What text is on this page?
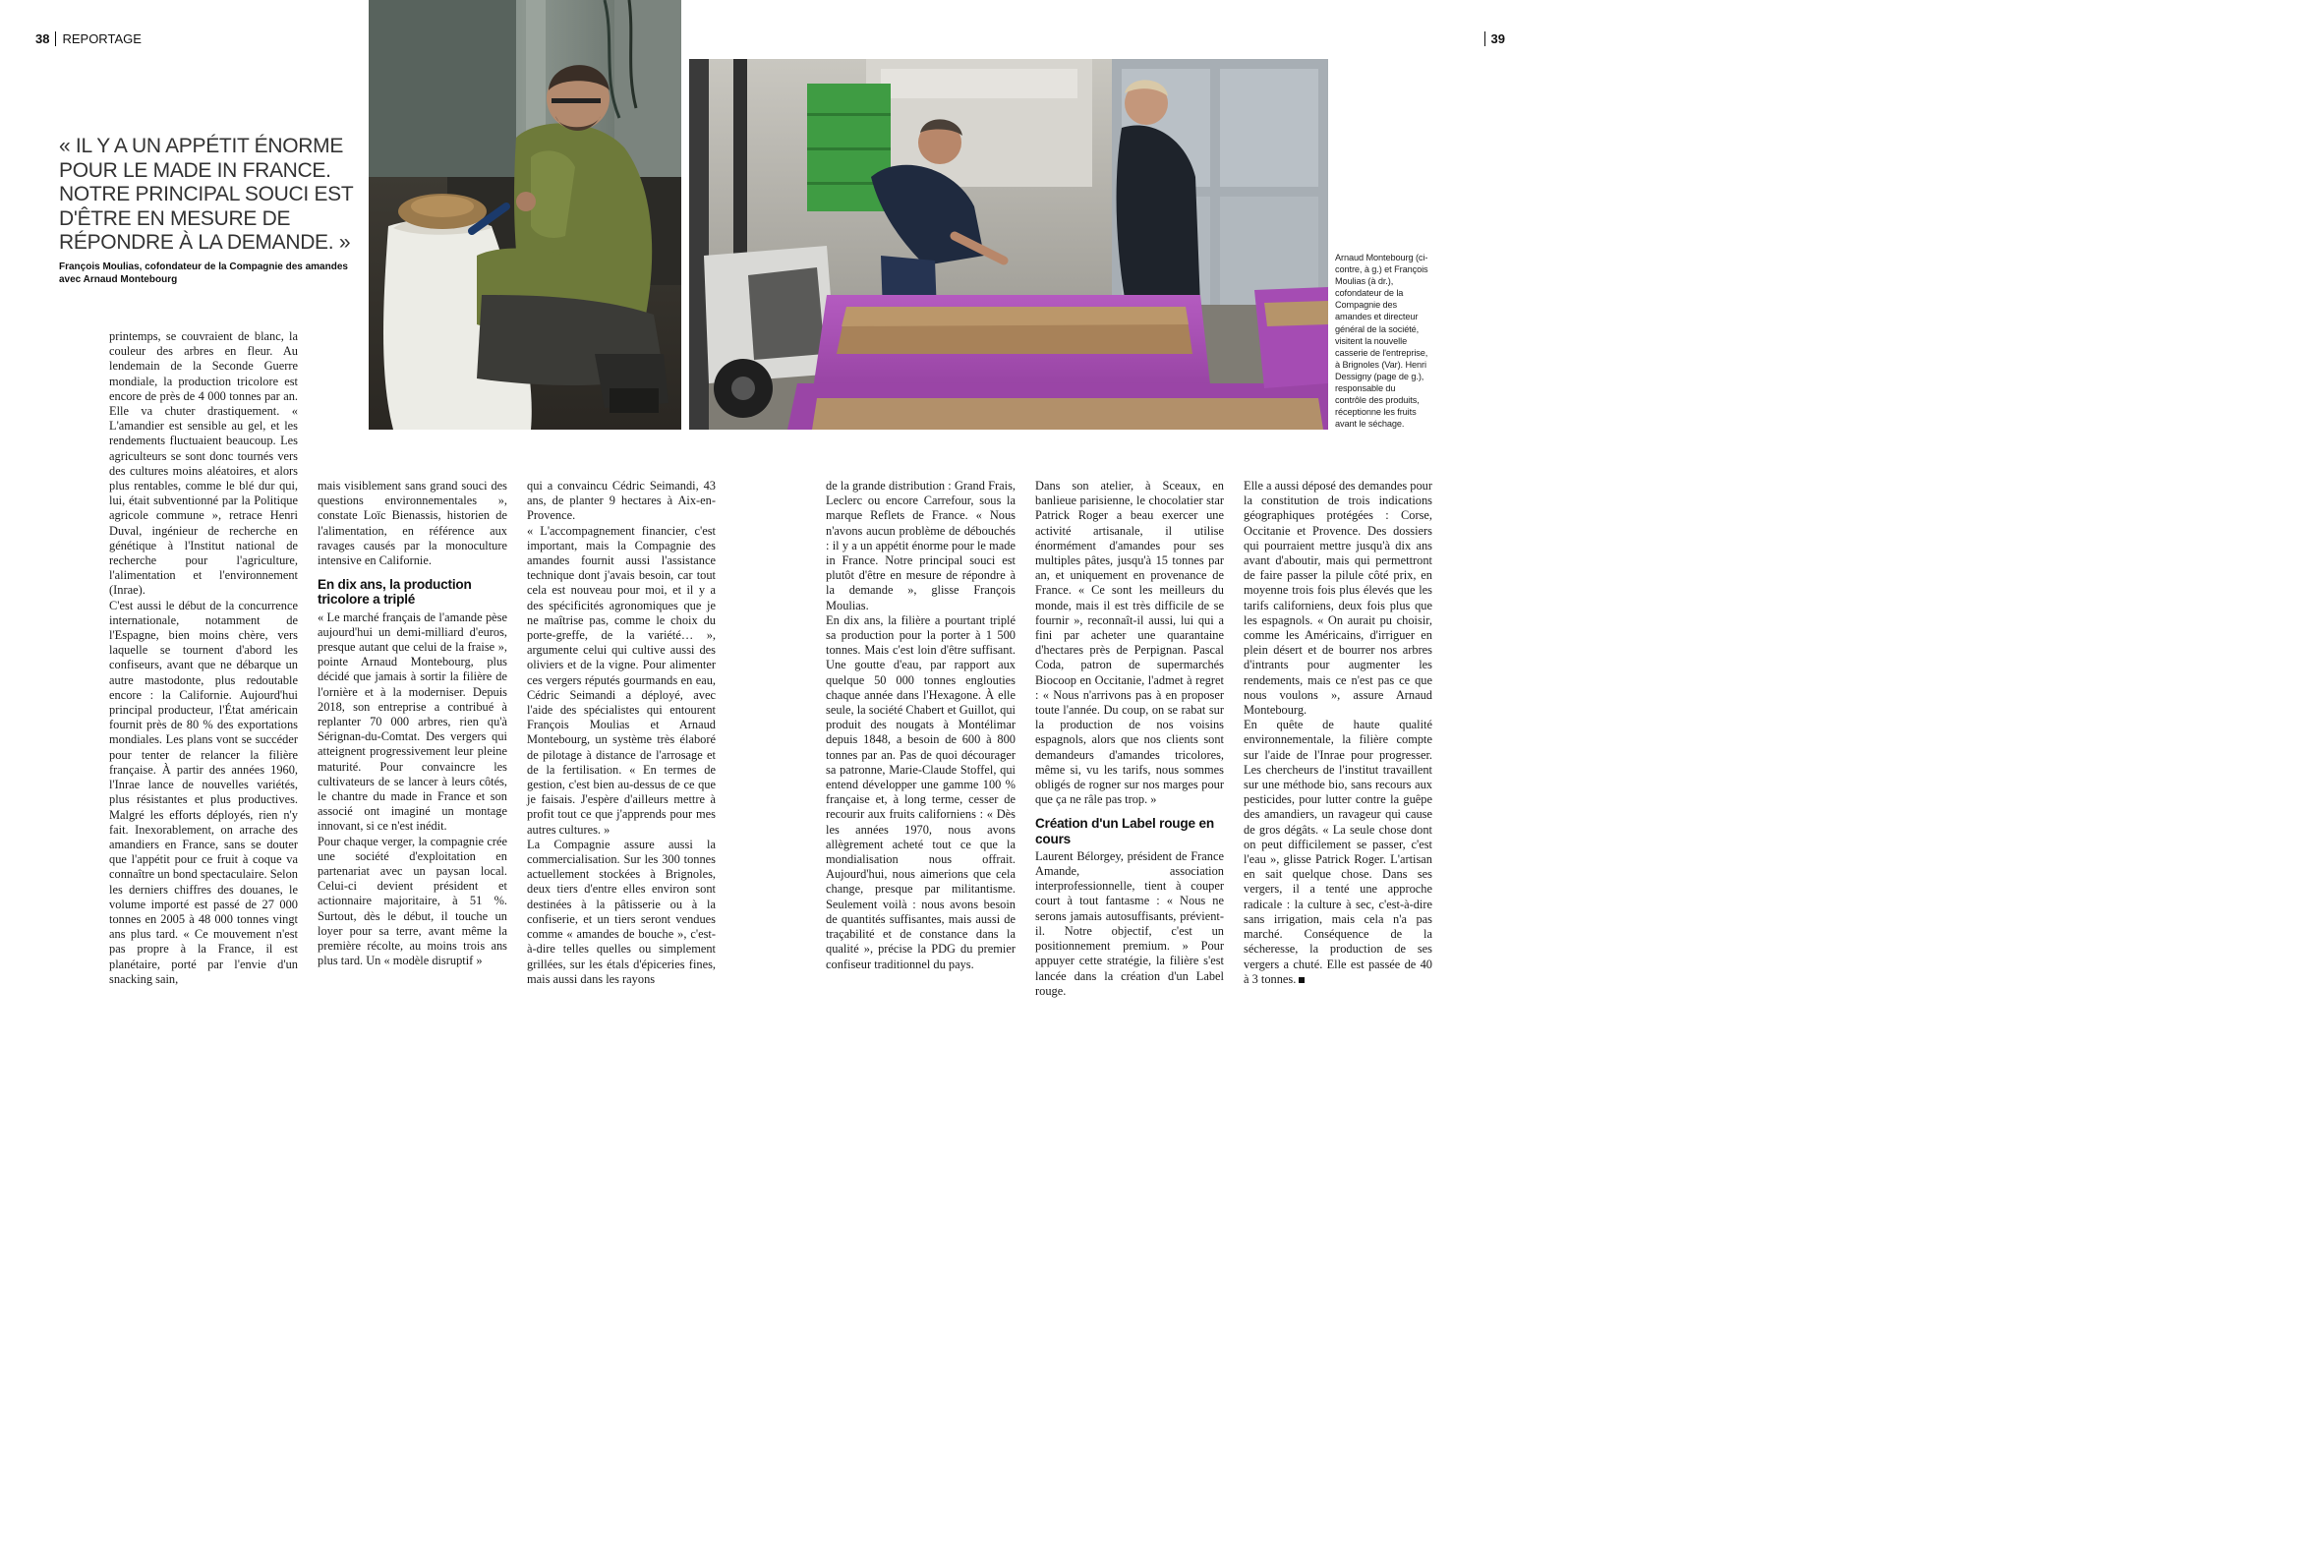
38 REPORTAGE	39

« IL Y A UN APPÉTIT ÉNORME POUR LE MADE IN FRANCE. NOTRE PRINCIPAL SOUCI EST D'ÊTRE EN MESURE DE RÉPONDRE À LA DEMANDE. »

François Moulias, cofondateur de la Compagnie des amandes avec Arnaud Montebourg

Arnaud Montebourg (ci-contre, à g.) et François Moulias (à dr.), cofondateur de la Compagnie des amandes et directeur général de la société, visitent la nouvelle casserie de l'entreprise, à Brignoles (Var). Henri Dessigny (page de g.), responsable du contrôle des produits, réceptionne les fruits avant le séchage.

printemps, se couvraient de blanc, la couleur des arbres en fleur. Au lendemain de la Seconde Guerre mondiale, la production tricolore est encore de près de 4 000 tonnes par an. Elle va chuter drastiquement. « L'amandier est sensible au gel, et les rendements fluctuaient beaucoup. Les agriculteurs se sont donc tournés vers des cultures moins aléatoires, et alors plus rentables, comme le blé dur qui, lui, était subventionné par la Politique agricole commune », retrace Henri Duval, ingénieur de recherche en génétique à l'Institut national de recherche pour l'agriculture, l'alimentation et l'environnement (Inrae).

C'est aussi le début de la concurrence internationale, notamment de l'Espagne, bien moins chère, vers laquelle se tournent d'abord les confiseurs, avant que ne débarque un autre mastodonte, plus redoutable encore : la Californie. Aujourd'hui principal producteur, l'État américain fournit près de 80 % des exportations mondiales. Les plans vont se succéder pour tenter de relancer la filière française. À partir des années 1960, l'Inrae lance de nouvelles variétés, plus résistantes et plus productives. Malgré les efforts déployés, rien n'y fait. Inexorablement, on arrache des amandiers en France, sans se douter que l'appétit pour ce fruit à coque va connaître un bond spectaculaire. Selon les derniers chiffres des douanes, le volume importé est passé de 27 000 tonnes en 2005 à 48 000 tonnes vingt ans plus tard. « Ce mouvement n'est pas propre à la France, il est planétaire, porté par l'envie d'un snacking sain,

mais visiblement sans grand souci des questions environnementales », constate Loïc Bienassis, historien de l'alimentation, en référence aux ravages causés par la monoculture intensive en Californie.

En dix ans, la production tricolore a triplé

« Le marché français de l'amande pèse aujourd'hui un demi-milliard d'euros, presque autant que celui de la fraise », pointe Arnaud Montebourg, plus décidé que jamais à sortir la filière de l'ornière et à la moderniser. Depuis 2018, son entreprise a contribué à replanter 70 000 arbres, rien qu'à Sérignan-du-Comtat. Des vergers qui atteignent progressivement leur pleine maturité. Pour convaincre les cultivateurs de se lancer à leurs côtés, le chantre du made in France et son associé ont imaginé un montage innovant, si ce n'est inédit.

Pour chaque verger, la compagnie crée une société d'exploitation en partenariat avec un paysan local. Celui-ci devient président et actionnaire majoritaire, à 51 %. Surtout, dès le début, il touche un loyer pour sa terre, avant même la première récolte, au moins trois ans plus tard. Un « modèle disruptif »

qui a convaincu Cédric Seimandi, 43 ans, de planter 9 hectares à Aix-en-Provence.

« L'accompagnement financier, c'est important, mais la Compagnie des amandes fournit aussi l'assistance technique dont j'avais besoin, car tout cela est nouveau pour moi, et il y a des spécificités agronomiques que je ne maîtrise pas, comme le choix du porte-greffe, de la variété… », argumente celui qui cultive aussi des oliviers et de la vigne. Pour alimenter ces vergers réputés gourmands en eau, Cédric Seimandi a déployé, avec l'aide des spécialistes qui entourent François Moulias et Arnaud Montebourg, un système très élaboré de pilotage à distance de l'arrosage et de la fertilisation. « En termes de gestion, c'est bien au-dessus de ce que je faisais. J'espère d'ailleurs mettre à profit tout ce que j'apprends pour mes autres cultures. »

La Compagnie assure aussi la commercialisation. Sur les 300 tonnes actuellement stockées à Brignoles, deux tiers d'entre elles environ sont destinées à la pâtisserie ou à la confiserie, et un tiers seront vendues comme « amandes de bouche », c'est-à-dire telles quelles ou simplement grillées, sur les étals d'épiceries fines, mais aussi dans les rayons

de la grande distribution : Grand Frais, Leclerc ou encore Carrefour, sous la marque Reflets de France. « Nous n'avons aucun problème de débouchés : il y a un appétit énorme pour le made in France. Notre principal souci est plutôt d'être en mesure de répondre à la demande », glisse François Moulias.

En dix ans, la filière a pourtant triplé sa production pour la porter à 1 500 tonnes. Mais c'est loin d'être suffisant. Une goutte d'eau, par rapport aux quelque 50 000 tonnes englouties chaque année dans l'Hexagone. À elle seule, la société Chabert et Guillot, qui produit des nougats à Montélimar depuis 1848, a besoin de 600 à 800 tonnes par an. Pas de quoi décourager sa patronne, Marie-Claude Stoffel, qui entend développer une gamme 100 % française et, à long terme, cesser de recourir aux fruits californiens : « Dès les années 1970, nous avons allègrement acheté tout ce que la mondialisation nous offrait. Aujourd'hui, nous aimerions que cela change, presque par militantisme. Seulement voilà : nous avons besoin de quantités suffisantes, mais aussi de traçabilité et de constance dans la qualité », précise la PDG du premier confiseur traditionnel du pays.

Dans son atelier, à Sceaux, en banlieue parisienne, le chocolatier star Patrick Roger a beau exercer une activité artisanale, il utilise énormément d'amandes pour ses multiples pâtes, jusqu'à 15 tonnes par an, et uniquement en provenance de France. « Ce sont les meilleurs du monde, mais il est très difficile de se fournir », reconnaît-il aussi, lui qui a fini par acheter une quarantaine d'hectares près de Perpignan. Pascal Coda, patron de supermarchés Biocoop en Occitanie, l'admet à regret : « Nous n'arrivons pas à en proposer toute l'année. Du coup, on se rabat sur la production de nos voisins espagnols, alors que nos clients sont demandeurs d'amandes tricolores, même si, vu les tarifs, nous sommes obligés de rogner sur nos marges pour que ça ne râle pas trop. »

Création d'un Label rouge en cours

Laurent Bélorgey, président de France Amande, association interprofessionnelle, tient à couper court à tout fantasme : « Nous ne serons jamais autosuffisants, prévient-il. Notre objectif, c'est un positionnement premium. » Pour appuyer cette stratégie, la filière s'est lancée dans la création d'un Label rouge.

Elle a aussi déposé des demandes pour la constitution de trois indications géographiques protégées : Corse, Occitanie et Provence. Des dossiers qui pourraient mettre jusqu'à dix ans avant d'aboutir, mais qui permettront de faire passer la pilule côté prix, en moyenne trois fois plus élevés que les tarifs californiens, deux fois plus que les espagnols. « On aurait pu choisir, comme les Américains, d'irriguer en plein désert et de bourrer nos arbres d'intrants pour augmenter les rendements, mais ce n'est pas ce que nous voulons », assure Arnaud Montebourg.

En quête de haute qualité environnementale, la filière compte sur l'aide de l'Inrae pour progresser. Les chercheurs de l'institut travaillent sur une méthode bio, sans recours aux pesticides, pour lutter contre la guêpe des amandiers, un ravageur qui cause de gros dégâts. « La seule chose dont on peut difficilement se passer, c'est l'eau », glisse Patrick Roger. L'artisan en sait quelque chose. Dans ses vergers, il a tenté une approche radicale : la culture à sec, c'est-à-dire sans irrigation, mais cela n'a pas marché. Conséquence de la sécheresse, la production de ses vergers a chuté. Elle est passée de 40 à 3 tonnes.
